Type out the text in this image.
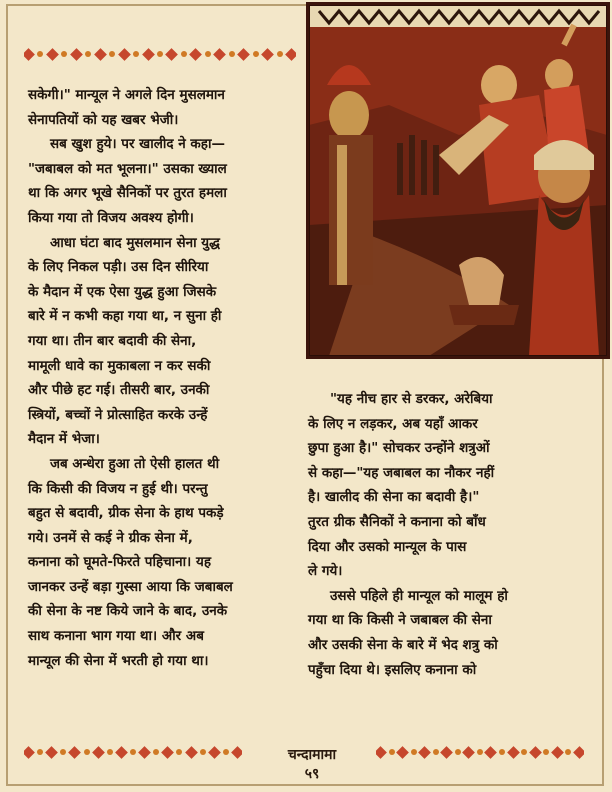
सकेगी।" मान्यूल ने अगले दिन मुसलमान

सेनापतियों को यह खबर भेजी।

सब खुश हुये। पर खालीद ने कहा—

"जबाबल को मत भूलना।" उसका ख्याल

था कि अगर भूखे सैनिकों पर तुरत हमला

किया गया तो विजय अवश्य होगी।

आधा घंटा बाद मुसलमान सेना युद्ध

के लिए निकल पड़ी। उस दिन सीरिया

के मैदान में एक ऐसा युद्ध हुआ जिसके

बारे में न कभी कहा गया था, न सुना ही

गया था। तीन बार बदावी की सेना,

मामूली धावे का मुकाबला न कर सकी

और पीछे हट गई। तीसरी बार, उनकी

स्त्रियों, बच्चों ने प्रोत्साहित करके उन्हें

मैदान में भेजा।

जब अन्धेरा हुआ तो ऐसी हालत थी

कि किसी की विजय न हुई थी। परन्तु

बहुत से बदावी, ग्रीक सेना के हाथ पकड़े

गये। उनमें से कई ने ग्रीक सेना में,

कनाना को घूमते-फिरते पहिचाना। यह

जानकर उन्हें बड़ा गुस्सा आया कि जबाबल

की सेना के नष्ट किये जाने के बाद, उनके

साथ कनाना भाग गया था। और अब

मान्यूल की सेना में भरती हो गया था।

"यह नीच हार से डरकर, अरेबिया

के लिए न लड़कर, अब यहाँ आकर

छुपा हुआ है।" सोचकर उन्होंने शत्रुओं

से कहा—"यह जबाबल का नौकर नहीं

है। खालीद की सेना का बदावी है।"

तुरत ग्रीक सैनिकों ने कनाना को बाँध

दिया और उसको मान्यूल के पास

ले गये।

उससे पहिले ही मान्यूल को मालूम हो

गया था कि किसी ने जबाबल की सेना

और उसकी सेना के बारे में भेद शत्रु को

पहुँचा दिया थे। इसलिए कनाना को

चन्दामामा
५९
